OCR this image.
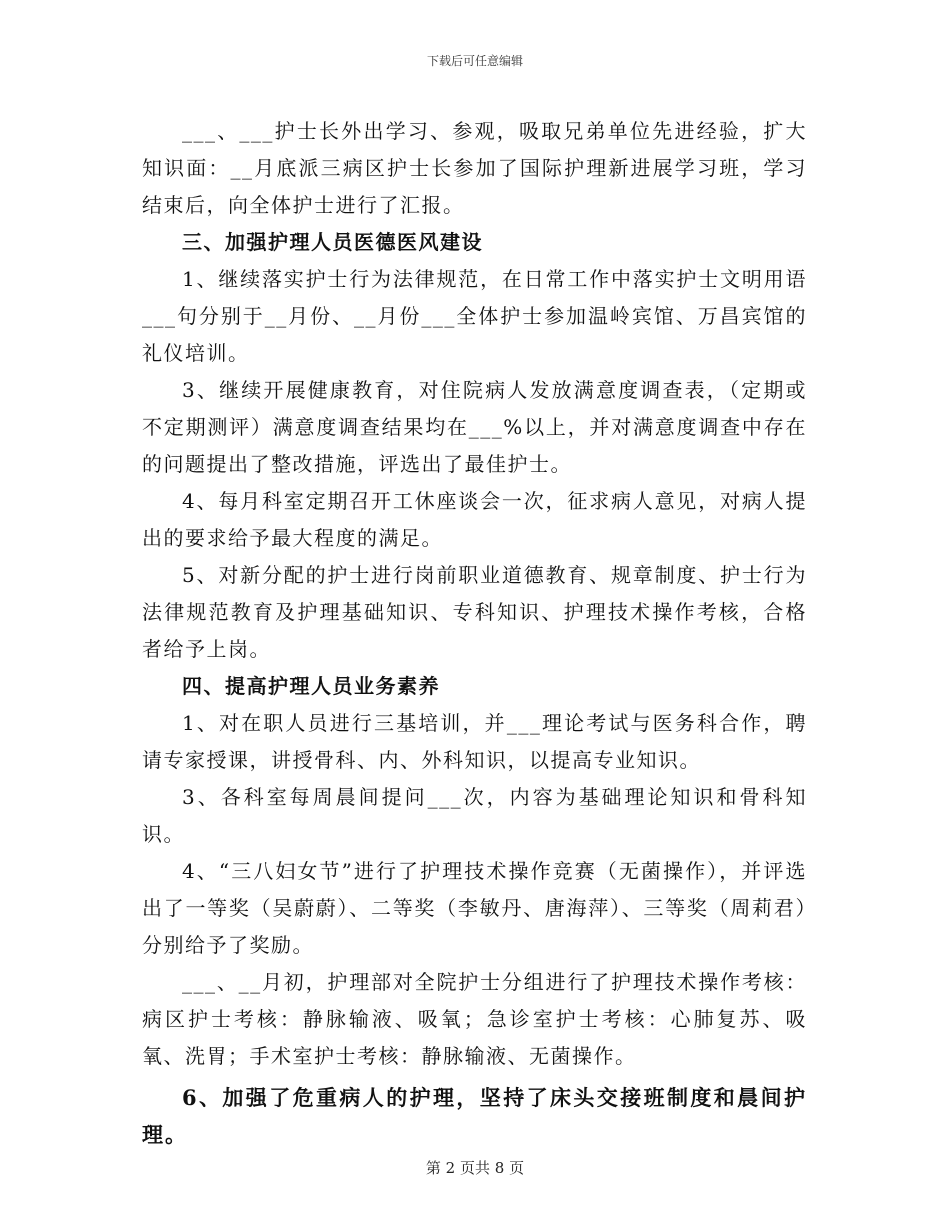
下载后可任意编辑

___、___护士长外出学习、参观，吸取兄弟单位先进经验，扩大知识面：__月底派三病区护士长参加了国际护理新进展学习班，学习结束后，向全体护士进行了汇报。

三、加强护理人员医德医风建设

1、继续落实护士行为法律规范，在日常工作中落实护士文明用语___句分别于__月份、__月份___全体护士参加温岭宾馆、万昌宾馆的礼仪培训。

3、继续开展健康教育，对住院病人发放满意度调查表，（定期或不定期测评）满意度调查结果均在___%以上，并对满意度调查中存在的问题提出了整改措施，评选出了最佳护士。

4、每月科室定期召开工休座谈会一次，征求病人意见，对病人提出的要求给予最大程度的满足。

5、对新分配的护士进行岗前职业道德教育、规章制度、护士行为法律规范教育及护理基础知识、专科知识、护理技术操作考核，合格者给予上岗。

四、提高护理人员业务素养

1、对在职人员进行三基培训，并___理论考试与医务科合作，聘请专家授课，讲授骨科、内、外科知识，以提高专业知识。

3、各科室每周晨间提问___次，内容为基础理论知识和骨科知识。

4、“三八妇女节”进行了护理技术操作竞赛（无菌操作），并评选出了一等奖（吴蔚蔚）、二等奖（李敏丹、唐海萍）、三等奖（周莉君）分别给予了奖励。

___、__月初，护理部对全院护士分组进行了护理技术操作考核：病区护士考核：静脉输液、吸氧；急诊室护士考核：心肺复苏、吸氧、洗胃；手术室护士考核：静脉输液、无菌操作。

6、加强了危重病人的护理，坚持了床头交接班制度和晨间护理。

第 2 页共 8 页
